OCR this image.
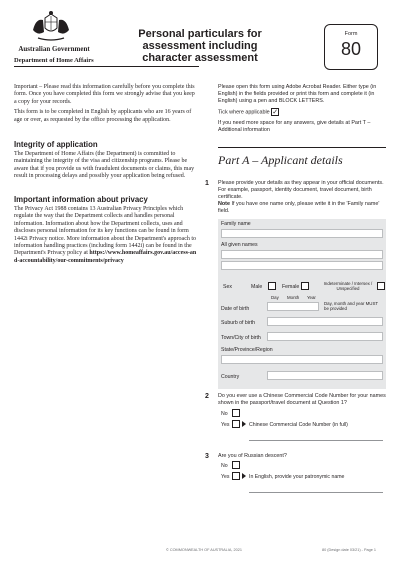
Australian Government
Department of Home Affairs
Personal particulars for assessment including character assessment
Form
80

Important – Please read this information carefully before you complete this form. Once you have completed this form we strongly advise that you keep a copy for your records.

This form is to be completed in English by applicants who are 16 years of age or over, as requested by the office processing the application.

Integrity of application
The Department of Home Affairs (the Department) is committed to maintaining the integrity of the visa and citizenship programs. Please be aware that if you provide us with fraudulent documents or claims, this may result in processing delays and possibly your application being refused.
Important information about privacy
The Privacy Act 1988 contains 13 Australian Privacy Principles which regulate the way that the Department collects and handles personal information. Information about how the Department collects, uses and discloses personal information for its key functions can be found in form 1442i Privacy notice. More information about the Department's approach to information handling practices (including form 1442i) can be found in the Department's Privacy policy at https://www.homeaffairs.gov.au/access-and-accountability/our-commitments/privacy
Please open this form using Adobe Acrobat Reader. Either type (in English) in the fields provided or print this form and complete it (in English) using a pen and BLOCK LETTERS.
Tick where applicable ✓
If you need more space for any answers, give details at Part T – Additional information
Part A – Applicant details
1 Please provide your details as they appear in your official documents. For example, passport, identity document, travel document, birth certificate.
Note If you have one name only, please write it in the 'Family name' field.
Family name
All given names
Sex	Male	Female
Indeterminate / Intersex / Unspecified
Day Month Year
Date of birth
Day, month and year MUST be provided
Suburb of birth
Town/City of birth
State/Province/Region
Country
2 Do you ever use a Chinese Commercial Code Number for your names shown in the passport/travel document at Question 1?
No
Yes	Chinese Commercial Code Number (in full)
3 Are you of Russian descent?
No
Yes	In English, provide your patronymic name
© COMMONWEALTH OF AUSTRALIA, 2021	80 (Design date 03/21) - Page 1
